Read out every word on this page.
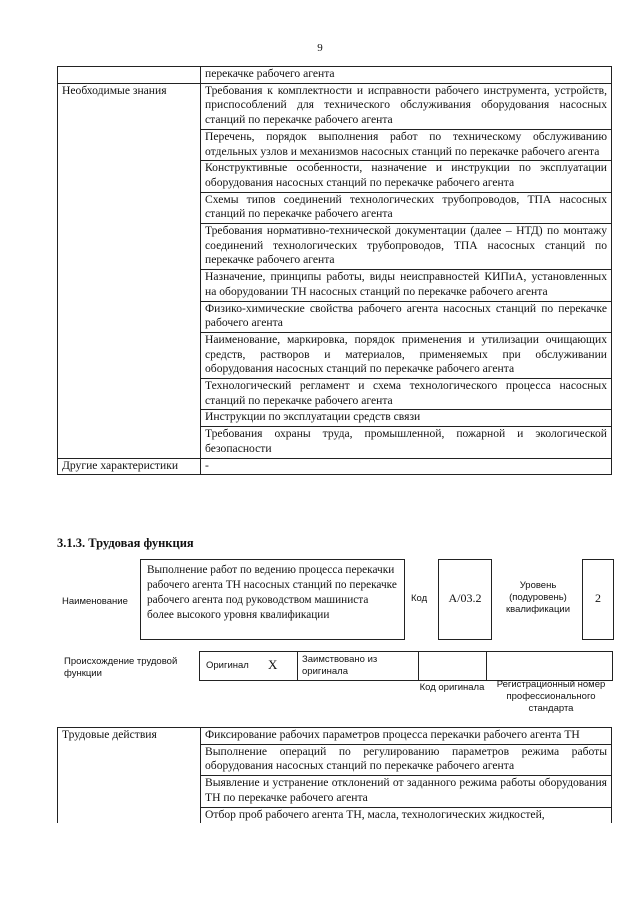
9
	перекачке рабочего агента
Необходимые знания	Требования к комплектности и исправности рабочего инструмента, устройств, приспособлений для технического обслуживания оборудования насосных станций по перекачке рабочего агента
	Перечень, порядок выполнения работ по техническому обслуживанию отдельных узлов и механизмов насосных станций по перекачке рабочего агента
	Конструктивные особенности, назначение и инструкции по эксплуатации оборудования насосных станций по перекачке рабочего агента
	Схемы типов соединений технологических трубопроводов, ТПА насосных станций по перекачке рабочего агента
	Требования нормативно-технической документации (далее – НТД) по монтажу соединений технологических трубопроводов, ТПА насосных станций по перекачке рабочего агента
	Назначение, принципы работы, виды неисправностей КИПиА, установленных на оборудовании ТН насосных станций по перекачке рабочего агента
	Физико-химические свойства рабочего агента насосных станций по перекачке рабочего агента
	Наименование, маркировка, порядок применения и утилизации очищающих средств, растворов и материалов, применяемых при обслуживании оборудования насосных станций по перекачке рабочего агента
	Технологический регламент и схема технологического процесса насосных станций по перекачке рабочего агента
	Инструкции по эксплуатации средств связи
	Требования охраны труда, промышленной, пожарной и экологической безопасности
Другие характеристики	-
3.1.3. Трудовая функция
Наименование
Выполнение работ по ведению процесса перекачки рабочего агента ТН насосных станций по перекачке рабочего агента под руководством машиниста более высокого уровня квалификации
Код	А/03.2
Уровень (подуровень) квалификации
2
Происхождение трудовой функции
Оригинал X	Заимствовано из оригинала
Код оригинала	Регистрационный номер профессионального стандарта
Трудовые действия	Фиксирование рабочих параметров процесса перекачки рабочего агента ТН
Выполнение операций по регулированию параметров режима работы оборудования насосных станций по перекачке рабочего агента
Выявление и устранение отклонений от заданного режима работы оборудования ТН по перекачке рабочего агента
Отбор проб рабочего агента ТН, масла, технологических жидкостей,
